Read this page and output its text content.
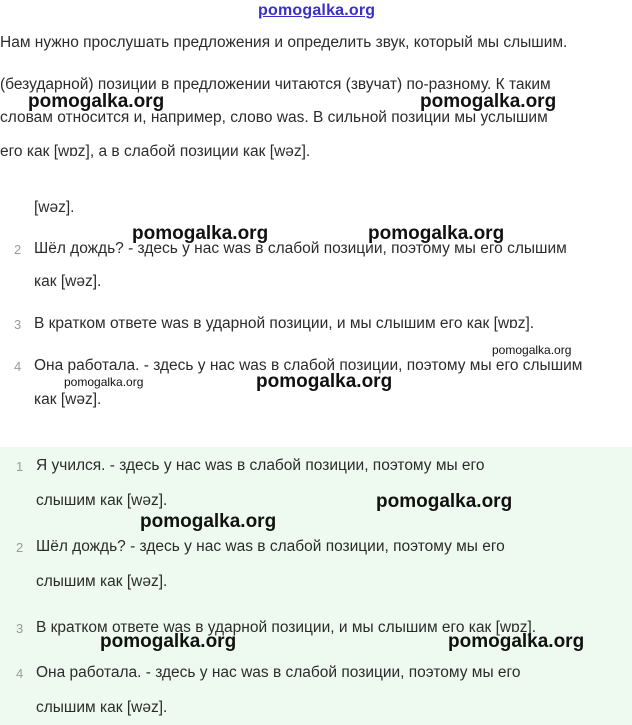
pomogalka.org
Нам нужно прослушать предложения и определить звук, который мы слышим.
(безударной) позиции в предложении читаются (звучат) по-разному. К таким
словам относится и, например, слово was. В сильной позиции мы услышим
его как [wɒz], а в слабой позиции как [wəz].
[wəz].
2 Шёл дождь? - здесь у нас was в слабой позиции, поэтому мы его слышим
как [wəz].
3 В кратком ответе was в ударной позиции, и мы слышим его как [wɒz].
4 Она работала. - здесь у нас was в слабой позиции, поэтому мы его слышим
как [wəz].
1 Я учился. - здесь у нас was в слабой позиции, поэтому мы его
слышим как [wəz].
2 Шёл дождь? - здесь у нас was в слабой позиции, поэтому мы его
слышим как [wəz].
3 В кратком ответе was в ударной позиции, и мы слышим его как [wɒz].
4 Она работала. - здесь у нас was в слабой позиции, поэтому мы его
слышим как [wəz].
pomogalka.org	pomogalka.org
pomogalka.org	pomogalka.org
pomogalka.org
pomogalka.org	pomogalka.org
pomogalka.org
pomogalka.org
pomogalka.org	pomogalka.org
